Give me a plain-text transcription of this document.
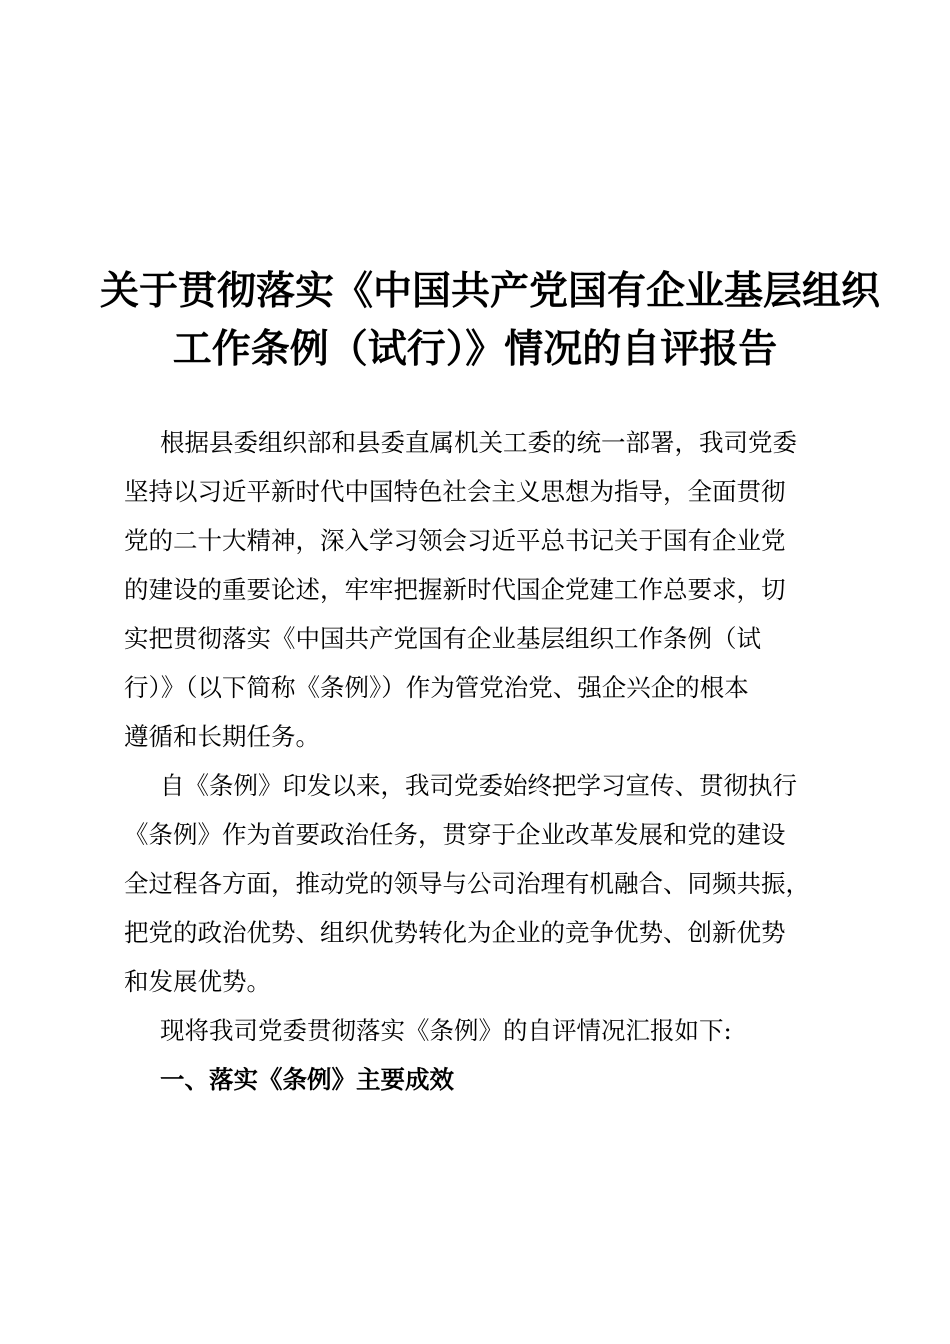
关于贯彻落实《中国共产党国有企业基层组织
工作条例（试行）》情况的自评报告

根据县委组织部和县委直属机关工委的统一部署，我司党委
坚持以习近平新时代中国特色社会主义思想为指导，全面贯彻
党的二十大精神，深入学习领会习近平总书记关于国有企业党
的建设的重要论述，牢牢把握新时代国企党建工作总要求，切
实把贯彻落实《中国共产党国有企业基层组织工作条例（试
行）》（以下简称《条例》）作为管党治党、强企兴企的根本
遵循和长期任务。

自《条例》印发以来，我司党委始终把学习宣传、贯彻执行
《条例》作为首要政治任务，贯穿于企业改革发展和党的建设
全过程各方面，推动党的领导与公司治理有机融合、同频共振，
把党的政治优势、组织优势转化为企业的竞争优势、创新优势
和发展优势。

现将我司党委贯彻落实《条例》的自评情况汇报如下:

一、落实《条例》主要成效
